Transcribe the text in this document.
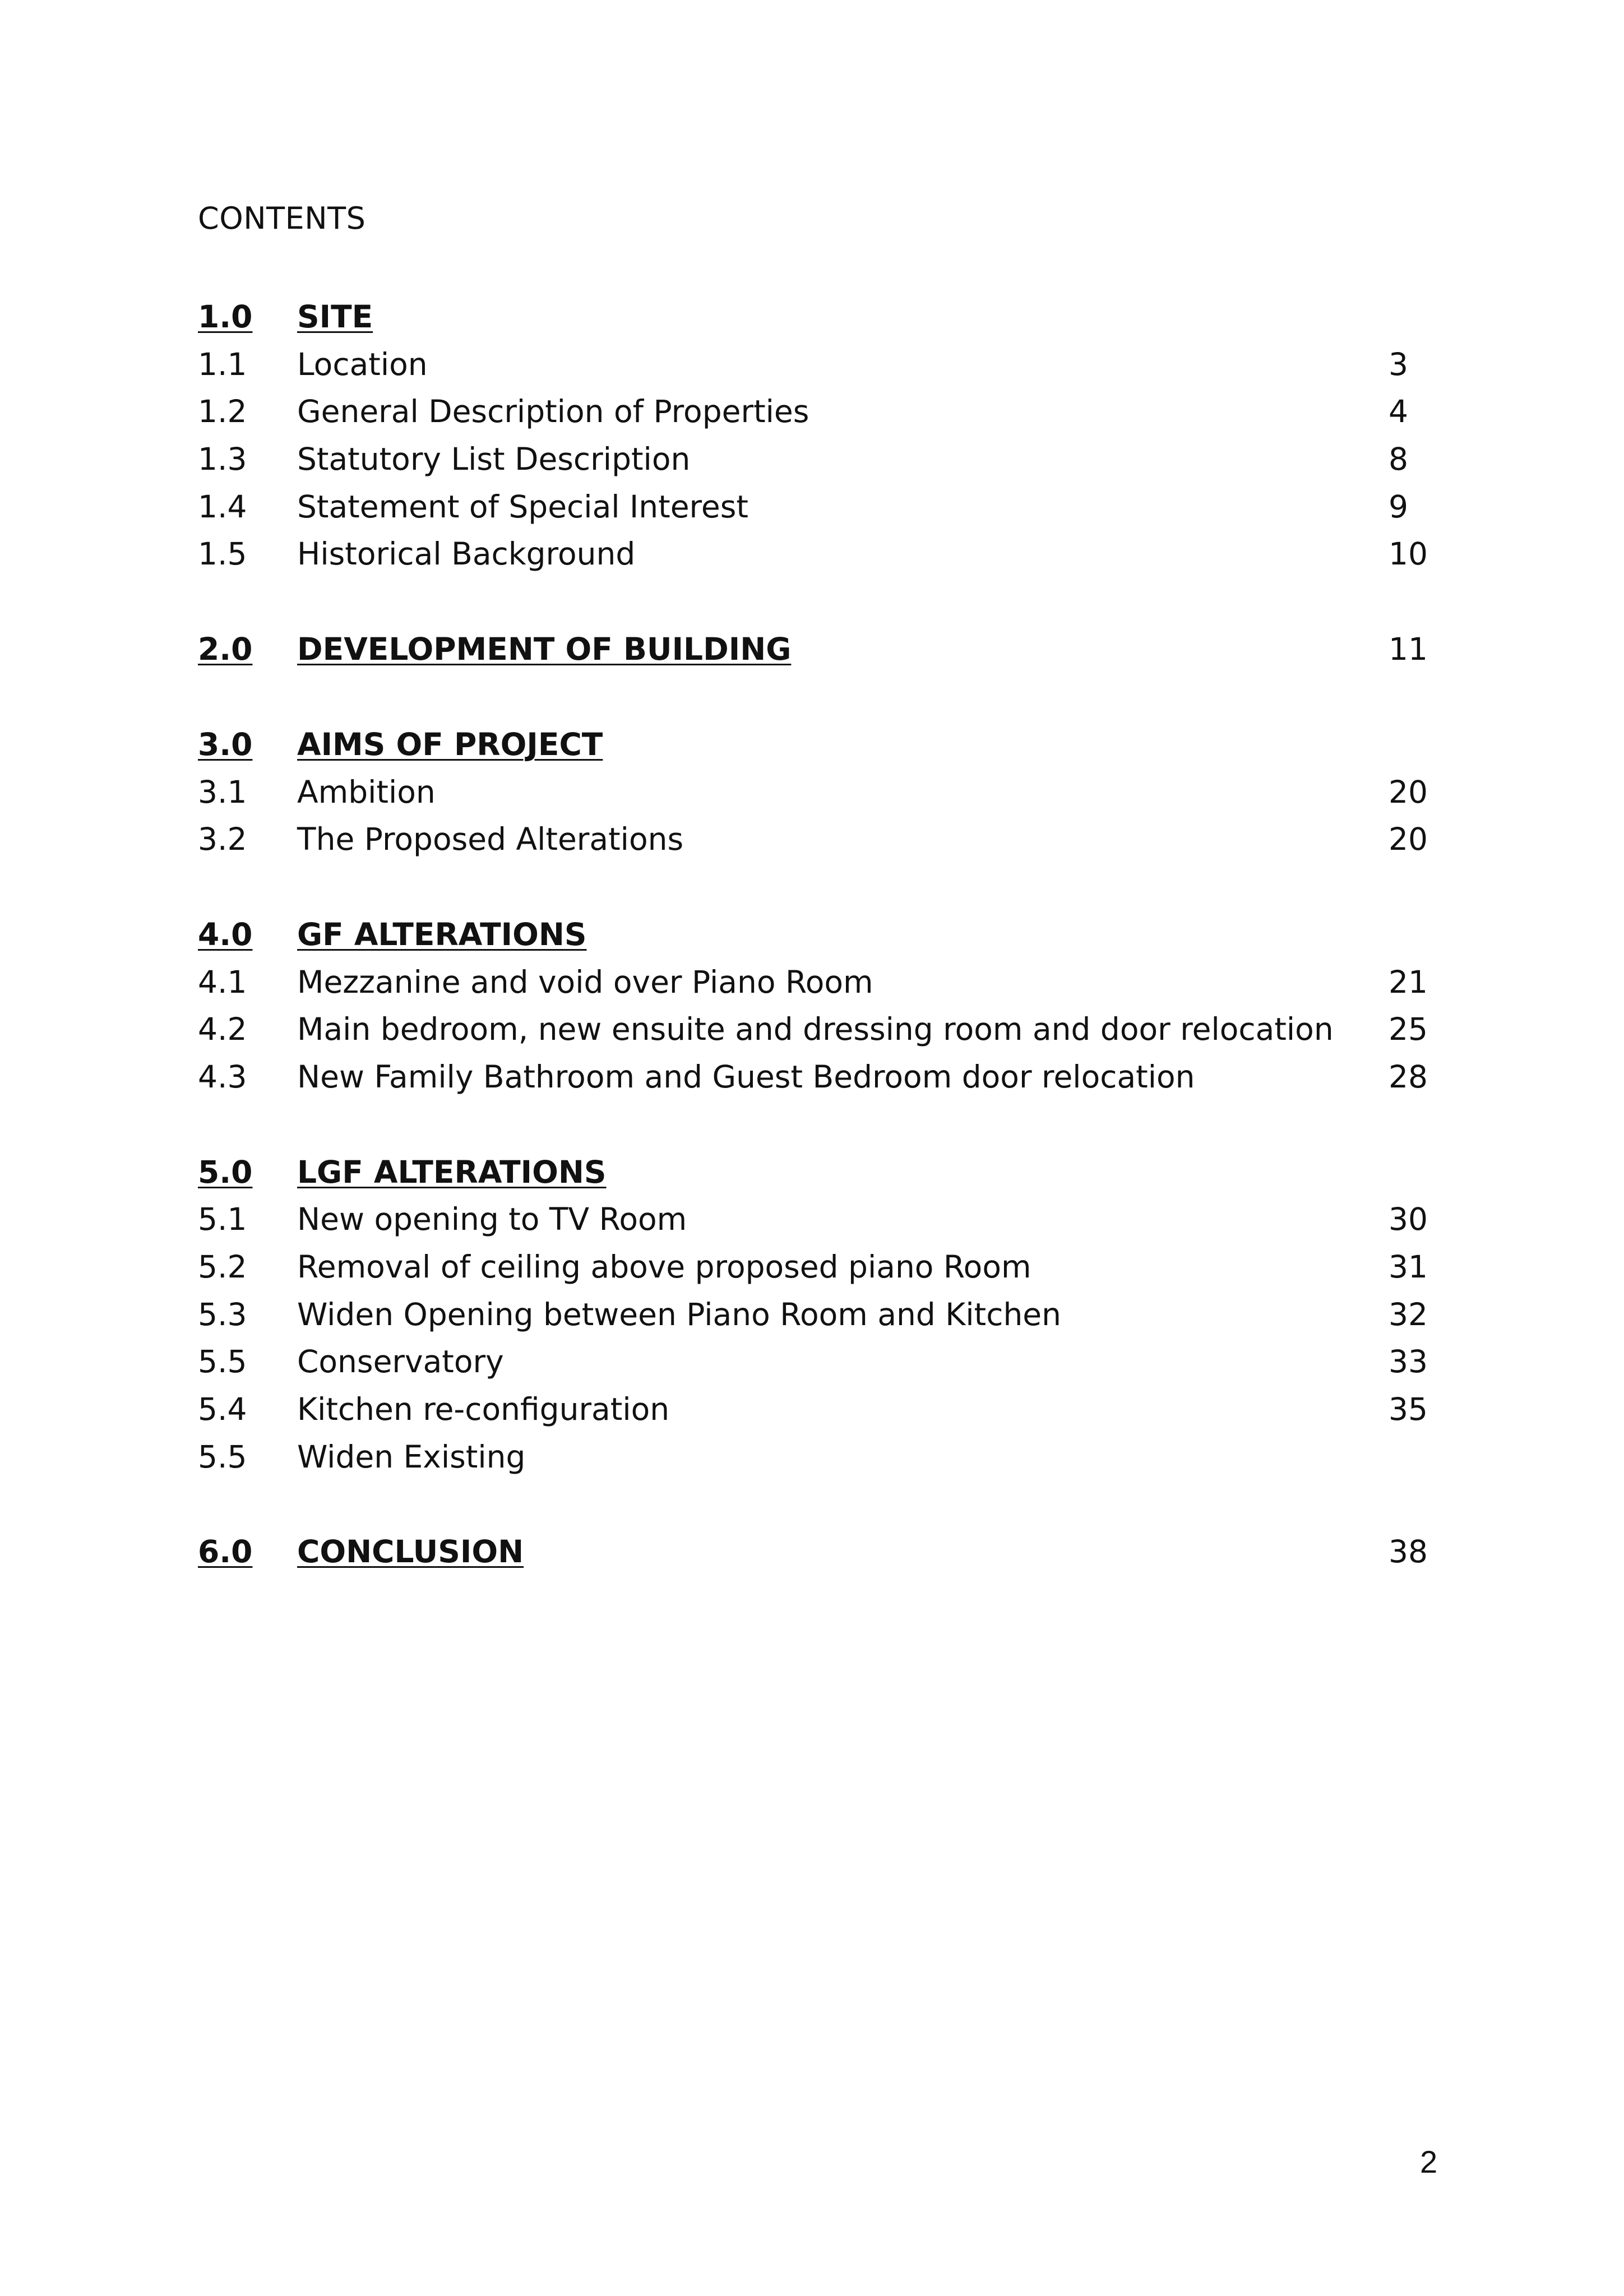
CONTENTS
1.0	SITE
1.1 Location	3
1.2 General Description of Properties	4
1.3 Statutory List Description	8
1.4 Statement of Special Interest	9
1.5 Historical Background	10
2.0	DEVELOPMENT OF BUILDING	11
3.0	AIMS OF PROJECT
3.1 Ambition	20
3.2 The Proposed Alterations	20
4.0	GF ALTERATIONS
4.1 Mezzanine and void over Piano Room	21
4.2 Main bedroom, new ensuite and dressing room and door relocation 25
4.3 New Family Bathroom and Guest Bedroom door relocation	28
5.0	LGF ALTERATIONS
5.1 New opening to TV Room	30
5.2 Removal of ceiling above proposed piano Room	31
5.3 Widen Opening between Piano Room and Kitchen	32
5.5 Conservatory	33
5.4 Kitchen re-configuration	35
5.5 Widen Existing
6.0	CONCLUSION	38
2
